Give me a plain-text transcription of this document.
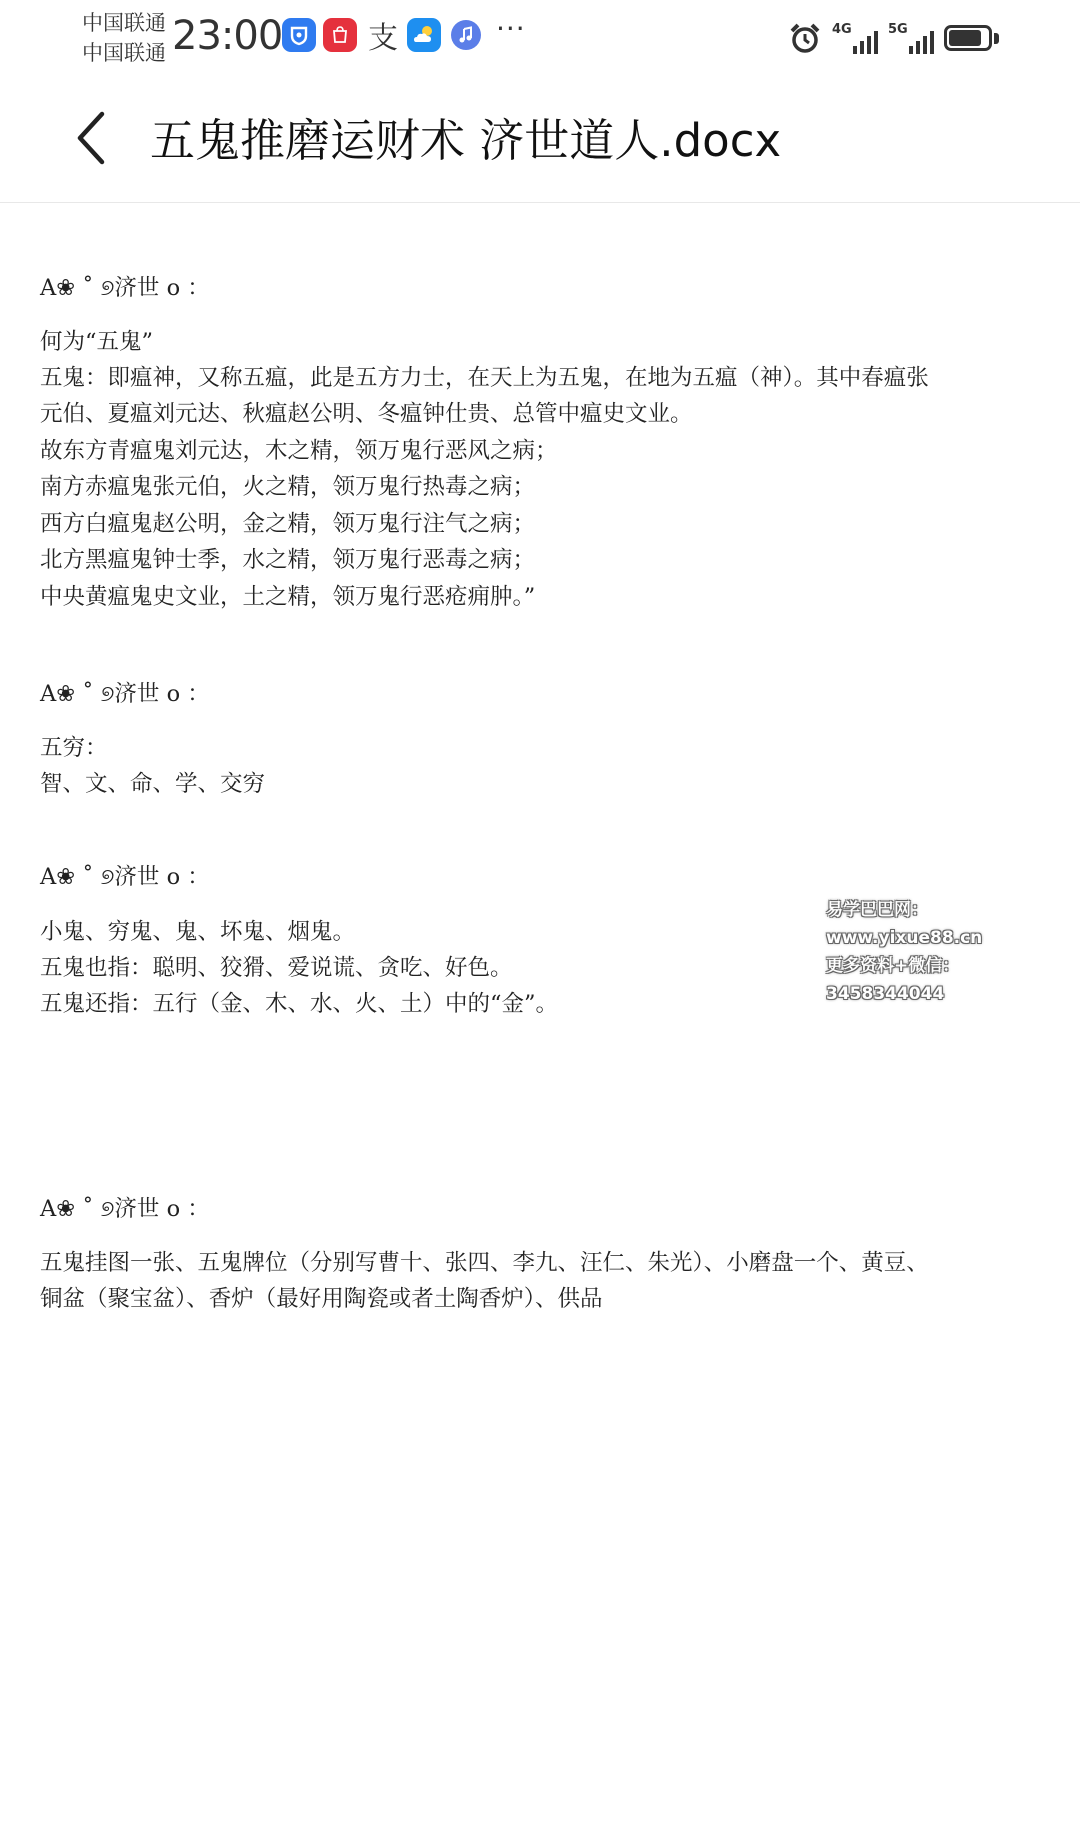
中国联通
中国联通 23:00	支	···	4G	5G
五鬼推磨运财术 济世道人.docx
A❀ ˚ ୭济世 o ：
何为“五鬼”
五鬼：即瘟神，又称五瘟，此是五方力士，在天上为五鬼，在地为五瘟（神）。其中春瘟张
元伯、夏瘟刘元达、秋瘟赵公明、冬瘟钟仕贵、总管中瘟史文业。
故东方青瘟鬼刘元达，木之精，领万鬼行恶风之病；
南方赤瘟鬼张元伯，火之精，领万鬼行热毒之病；
西方白瘟鬼赵公明，金之精，领万鬼行注气之病；
北方黑瘟鬼钟士季，水之精，领万鬼行恶毒之病；
中央黄瘟鬼史文业，土之精，领万鬼行恶疮痈肿。”
A❀ ˚ ୭济世 o ：
五穷：
智、文、命、学、交穷
A❀ ˚ ୭济世 o ：
小鬼、穷鬼、鬼、坏鬼、烟鬼。
五鬼也指：聪明、狡猾、爱说谎、贪吃、好色。
五鬼还指：五行（金、木、水、火、土）中的“金”。
A❀ ˚ ୭济世 o ：
五鬼挂图一张、五鬼牌位（分别写曹十、张四、李九、汪仁、朱光）、小磨盘一个、黄豆、
铜盆（聚宝盆）、香炉（最好用陶瓷或者土陶香炉）、供品
易学巴巴网：www.yixue88.cn
更多资料+微信：3458344044
